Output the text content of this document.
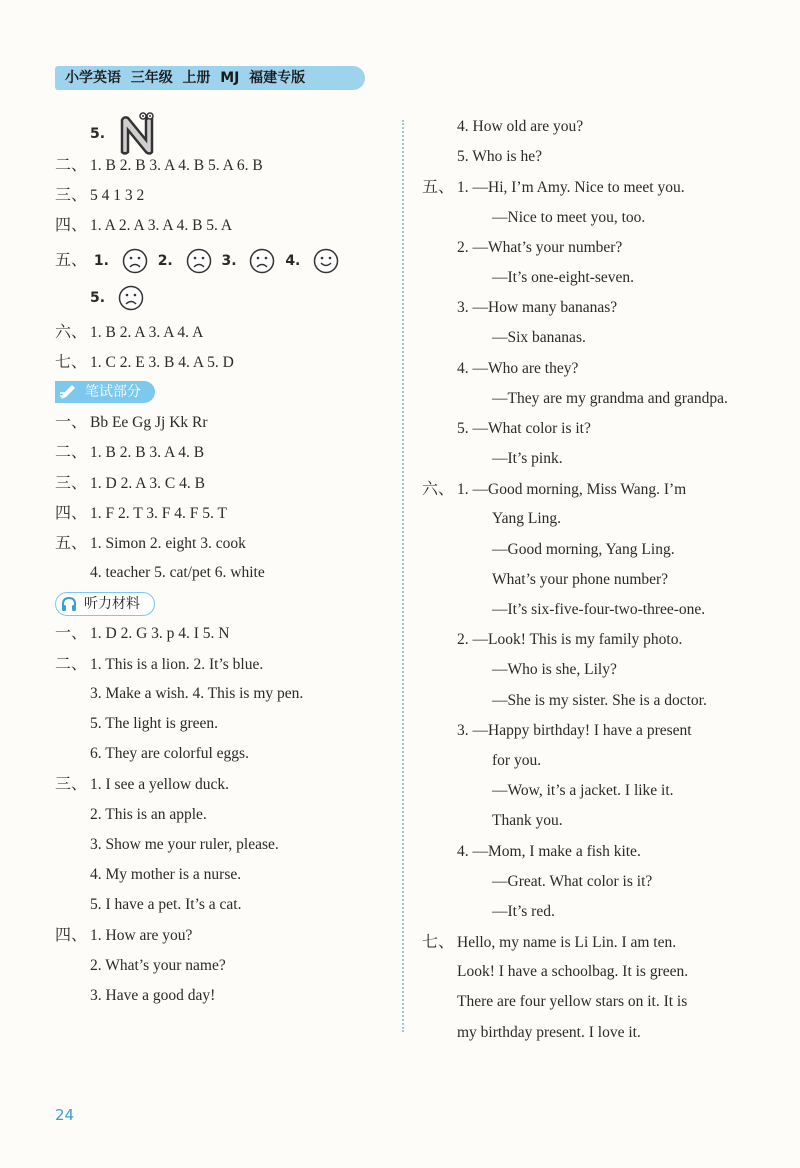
小学英语  三年级  上册  MJ  福建专版
5.
二、 1. B 2. B 3. A 4. B 5. A 6. B
三、 5 4 1 3 2
四、 1. A 2. A 3. A 4. B 5. A
五、 1.	2.	3.	4.
5.
六、 1. B 2. A 3. A 4. A
七、 1. C 2. E 3. B 4. A 5. D
笔试部分
一、 Bb Ee Gg Jj Kk Rr
二、 1. B 2. B 3. A 4. B
三、 1. D 2. A 3. C 4. B
四、 1. F 2. T 3. F 4. F 5. T
五、 1. Simon 2. eight 3. cook
4. teacher 5. cat/pet 6. white
听力材料
一、 1. D 2. G 3. p 4. I 5. N
二、 1. This is a lion. 2. It’s blue.
3. Make a wish. 4. This is my pen.
5. The light is green.
6. They are colorful eggs.
三、 1. I see a yellow duck.
2. This is an apple.
3. Show me your ruler, please.
4. My mother is a nurse.
5. I have a pet. It’s a cat.
四、 1. How are you?
2. What’s your name?
3. Have a good day!
4. How old are you?
5. Who is he?
五、 1. —Hi, I’m Amy. Nice to meet you.
—Nice to meet you, too.
2. —What’s your number?
—It’s one-eight-seven.
3. —How many bananas?
—Six bananas.
4. —Who are they?
—They are my grandma and grandpa.
5. —What color is it?
—It’s pink.
六、 1. —Good morning, Miss Wang. I’m
Yang Ling.
—Good morning, Yang Ling.
What’s your phone number?
—It’s six-five-four-two-three-one.
2. —Look! This is my family photo.
—Who is she, Lily?
—She is my sister. She is a doctor.
3. —Happy birthday! I have a present
for you.
—Wow, it’s a jacket. I like it.
Thank you.
4. —Mom, I make a fish kite.
—Great. What color is it?
—It’s red.
七、 Hello, my name is Li Lin. I am ten.
Look! I have a schoolbag. It is green.
There are four yellow stars on it. It is
my birthday present. I love it.
24
